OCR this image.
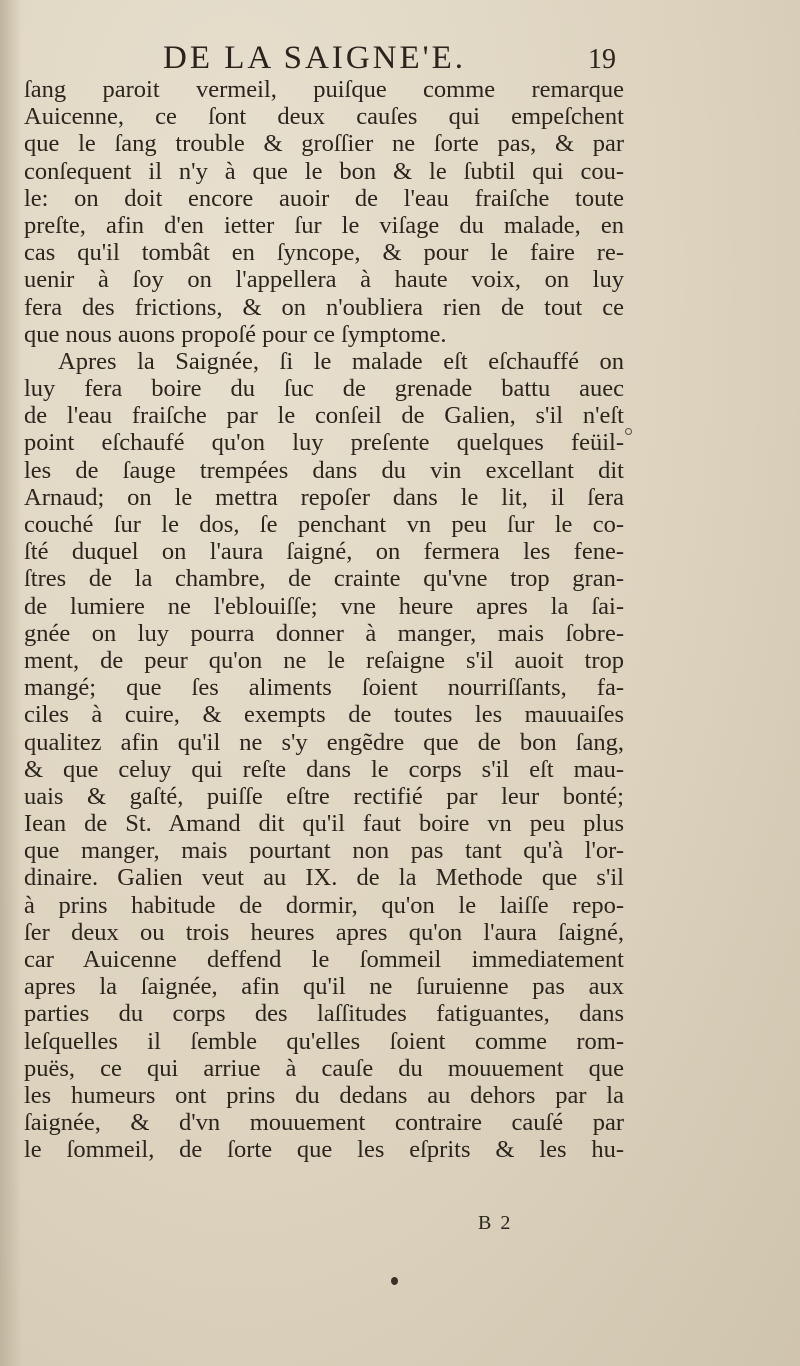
DE LA SAIGNE'E.	19
ſang paroit vermeil, puiſque comme remarque
Auicenne, ce ſont deux cauſes qui empeſchent
que le ſang trouble & groſſier ne ſorte pas, & par
conſequent il n'y à que le bon & le ſubtil qui cou-
le: on doit encore auoir de l'eau fraiſche toute
preſte, afin d'en ietter ſur le viſage du malade, en
cas qu'il tombât en ſyncope, & pour le faire re-
uenir à ſoy on l'appellera à haute voix, on luy
fera des frictions, & on n'oubliera rien de tout ce
que nous auons propoſé pour ce ſymptome.
Apres la Saignée, ſi le malade eſt eſchauffé on
luy fera boire du ſuc de grenade battu auec
de l'eau fraiſche par le conſeil de Galien, s'il n'eſt
point eſchaufé qu'on luy preſente quelques feüil-
les de ſauge trempées dans du vin excellant dit
Arnaud; on le mettra repoſer dans le lit, il ſera
couché ſur le dos, ſe penchant vn peu ſur le co-
ſté duquel on l'aura ſaigné, on fermera les fene-
ſtres de la chambre, de crainte qu'vne trop gran-
de lumiere ne l'eblouiſſe; vne heure apres la ſai-
gnée on luy pourra donner à manger, mais ſobre-
ment, de peur qu'on ne le reſaigne s'il auoit trop
mangé; que ſes aliments ſoient nourriſſants, fa-
ciles à cuire, & exempts de toutes les mauuaiſes
qualitez afin qu'il ne s'y engẽdre que de bon ſang,
& que celuy qui reſte dans le corps s'il eſt mau-
uais & gaſté, puiſſe eſtre rectifié par leur bonté;
Iean de St. Amand dit qu'il faut boire vn peu plus
que manger, mais pourtant non pas tant qu'à l'or-
dinaire. Galien veut au IX. de la Methode que s'il
à prins habitude de dormir, qu'on le laiſſe repo-
ſer deux ou trois heures apres qu'on l'aura ſaigné,
car Auicenne deffend le ſommeil immediatement
apres la ſaignée, afin qu'il ne ſuruienne pas aux
parties du corps des laſſitudes fatiguantes, dans
leſquelles il ſemble qu'elles ſoient comme rom-
puës, ce qui arriue à cauſe du mouuement que
les humeurs ont prins du dedans au dehors par la
ſaignée, & d'vn mouuement contraire cauſé par
le ſommeil, de ſorte que les eſprits & les hu-
B 2
